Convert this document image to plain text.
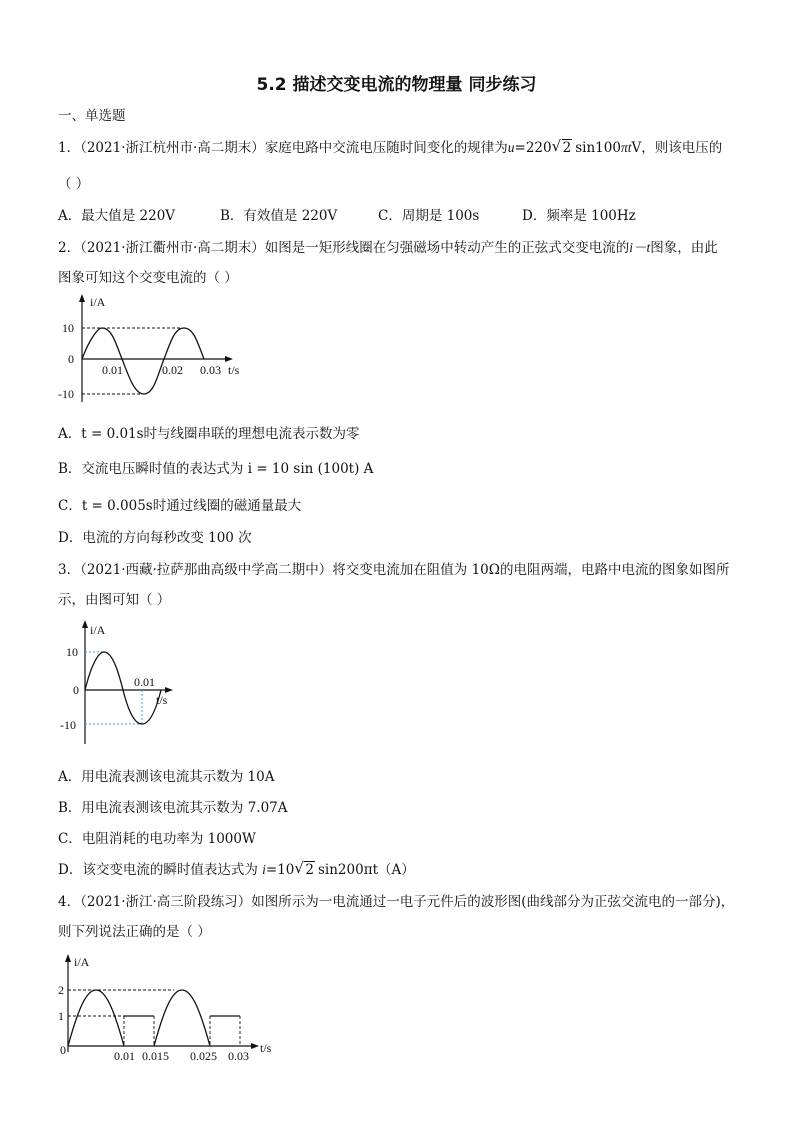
5.2 描述交变电流的物理量 同步练习
一、单选题
1．（2021·浙江杭州市·高二期末）家庭电路中交流电压随时间变化的规律为u=220 √ 2 sin100πtV，则该电压的
（ ）
A．最大值是 220V	B．有效值是 220V	C．周期是 100s	D．频率是 100Hz
2．（2021·浙江衢州市·高二期末）如图是一矩形线圈在匀强磁场中转动产生的正弦式交变电流的i－t图象，由此
图象可知这个交变电流的（ ）
i/A
t/s
10
0
-10
0.01	0.02 0.03
A．t = 0.01s时与线圈串联的理想电流表示数为零
B．交流电压瞬时值的表达式为 i = 10 sin (100t) A
C．t = 0.005s时通过线圈的磁通量最大
D．电流的方向每秒改变 100 次
3．（2021·西藏·拉萨那曲高级中学高二期中）将交变电流加在阻值为 10Ω的电阻两端，电路中电流的图象如图所
示，由图可知（ ）
i/A
t/s
10
0
-10
0.01
A．用电流表测该电流其示数为 10A
B．用电流表测该电流其示数为 7.07A
C．电阻消耗的电功率为 1000W
D．该交变电流的瞬时值表达式为 i=10 √ 2 sin200πt（A）
4．（2021·浙江·高三阶段练习）如图所示为一电流通过一电子元件后的波形图(曲线部分为正弦交流电的一部分)，
则下列说法正确的是（ ）
i/A
t/s
2
1
0	0.01 0.015 0.025 0.03
